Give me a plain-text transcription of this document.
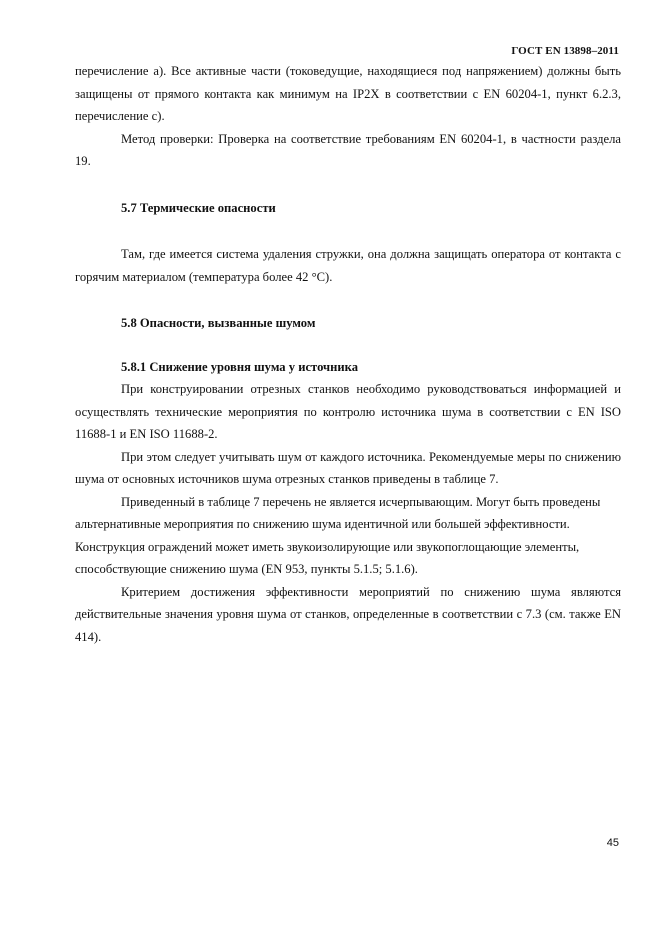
ГОСТ EN 13898–2011

перечисление а). Все активные части (токоведущие, находящиеся под напряжением) должны быть защищены от прямого контакта как минимум на IP2X в соответствии с EN 60204-1, пункт 6.2.3, перечисление с).

Метод проверки: Проверка на соответствие требованиям EN 60204-1, в частности раздела 19.

5.7 Термические опасности

Там, где имеется система удаления стружки, она должна защищать оператора от контакта с горячим материалом (температура более 42 °С).

5.8 Опасности, вызванные шумом

5.8.1 Снижение уровня шума у источника

При конструировании отрезных станков необходимо руководствоваться информацией и осуществлять технические мероприятия по контролю источника шума в соответствии с EN ISO 11688-1 и EN ISO 11688-2.

При этом следует учитывать шум от каждого источника. Рекомендуемые меры по снижению шума от основных источников шума отрезных станков приведены в таблице 7.

Приведенный в таблице 7 перечень не является исчерпывающим. Могут быть проведены альтернативные мероприятия по снижению шума идентичной или большей эффективности. Конструкция ограждений может иметь звукоизолирующие или звукопоглощающие элементы, способствующие снижению шума (EN 953, пункты 5.1.5; 5.1.6).

Критерием достижения эффективности мероприятий по снижению шума являются действительные значения уровня шума от станков, определенные в соответствии с 7.3 (см. также EN 414).

45
